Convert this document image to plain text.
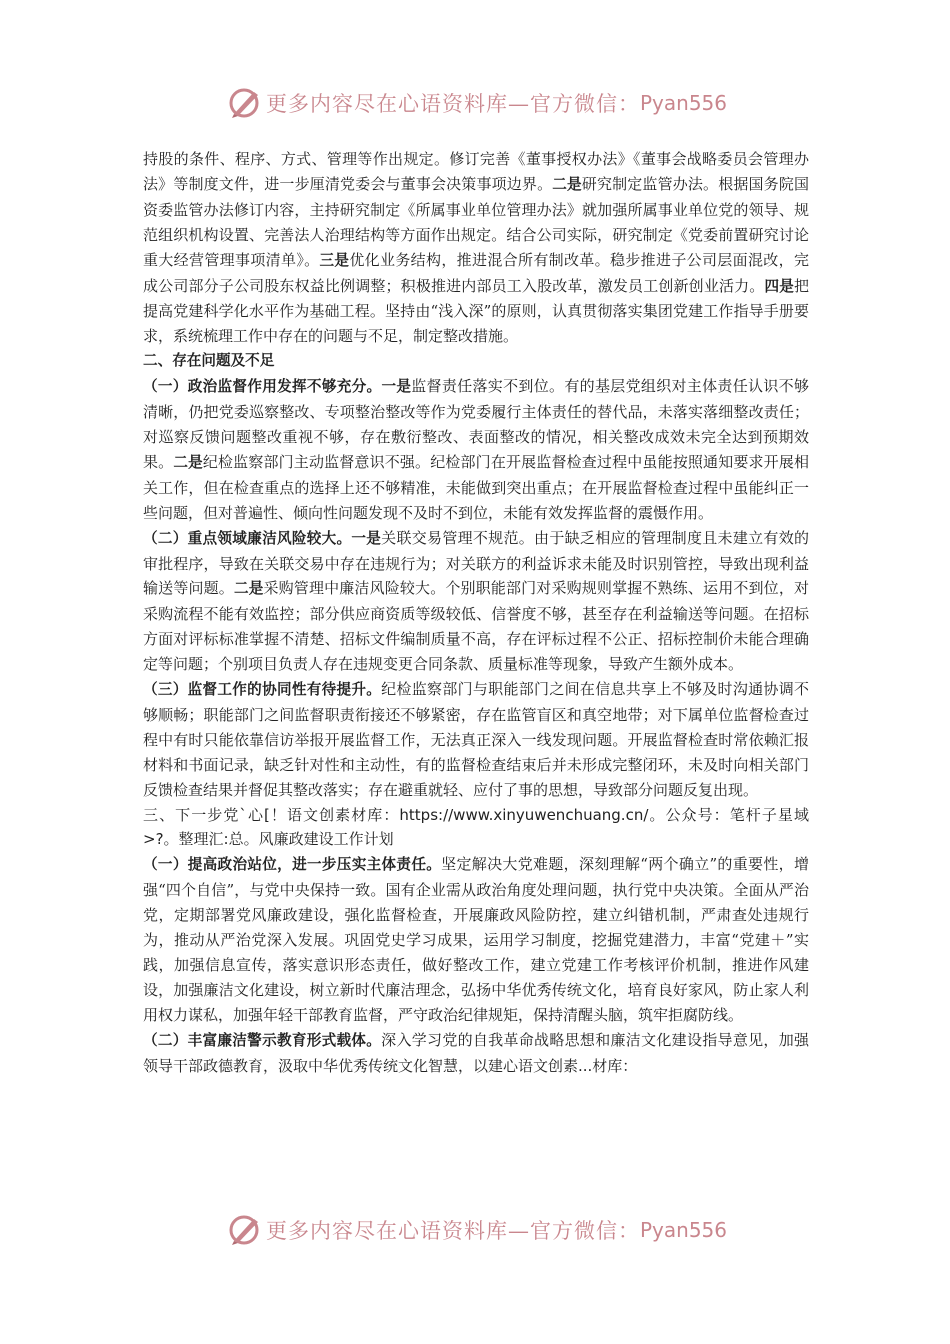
更多内容尽在心语资料库—官方微信： Pyan556

持股的条件、程序、方式、管理等作出规定。修订完善《董事授权办法》《董事会战略委员会管理办法》等制度文件，进一步厘清党委会与董事会决策事项边界。二是研究制定监管办法。根据国务院国资委监管办法修订内容，主持研究制定《所属事业单位管理办法》就加强所属事业单位党的领导、规范组织机构设置、完善法人治理结构等方面作出规定。结合公司实际，研究制定《党委前置研究讨论重大经营管理事项清单》。三是优化业务结构，推进混合所有制改革。稳步推进子公司层面混改，完成公司部分子公司股东权益比例调整；积极推进内部员工入股改革，激发员工创新创业活力。四是把提高党建科学化水平作为基础工程。坚持由“浅入深”的原则，认真贯彻落实集团党建工作指导手册要求，系统梳理工作中存在的问题与不足，制定整改措施。

二、存在问题及不足

（一）政治监督作用发挥不够充分。一是监督责任落实不到位。有的基层党组织对主体责任认识不够清晰，仍把党委巡察整改、专项整治整改等作为党委履行主体责任的替代品，未落实落细整改责任；对巡察反馈问题整改重视不够，存在敷衍整改、表面整改的情况，相关整改成效未完全达到预期效果。二是纪检监察部门主动监督意识不强。纪检部门在开展监督检查过程中虽能按照通知要求开展相关工作，但在检查重点的选择上还不够精准，未能做到突出重点；在开展监督检查过程中虽能纠正一些问题，但对普遍性、倾向性问题发现不及时不到位，未能有效发挥监督的震慑作用。

（二）重点领域廉洁风险较大。一是关联交易管理不规范。由于缺乏相应的管理制度且未建立有效的审批程序，导致在关联交易中存在违规行为；对关联方的利益诉求未能及时识别管控，导致出现利益输送等问题。二是采购管理中廉洁风险较大。个别职能部门对采购规则掌握不熟练、运用不到位，对采购流程不能有效监控；部分供应商资质等级较低、信誉度不够，甚至存在利益输送等问题。在招标方面对评标标准掌握不清楚、招标文件编制质量不高，存在评标过程不公正、招标控制价未能合理确定等问题；个别项目负责人存在违规变更合同条款、质量标准等现象，导致产生额外成本。

（三）监督工作的协同性有待提升。纪检监察部门与职能部门之间在信息共享上不够及时沟通协调不够顺畅；职能部门之间监督职责衔接还不够紧密，存在监管盲区和真空地带；对下属单位监督检查过程中有时只能依靠信访举报开展监督工作，无法真正深入一线发现问题。开展监督检查时常依赖汇报材料和书面记录，缺乏针对性和主动性，有的监督检查结束后并未形成完整闭环，未及时向相关部门反馈检查结果并督促其整改落实；存在避重就轻、应付了事的思想，导致部分问题反复出现。

三、下一步党`心[！语文创素材库：https://www.xinyuwenchuang.cn/。公众号：笔杆子星域>?。整理汇:总。风廉政建设工作计划

（一）提高政治站位，进一步压实主体责任。坚定解决大党难题，深刻理解“两个确立”的重要性，增强“四个自信”，与党中央保持一致。国有企业需从政治角度处理问题，执行党中央决策。全面从严治党，定期部署党风廉政建设，强化监督检查，开展廉政风险防控，建立纠错机制，严肃查处违规行为，推动从严治党深入发展。巩固党史学习成果，运用学习制度，挖掘党建潜力，丰富“党建＋”实践，加强信息宣传，落实意识形态责任，做好整改工作，建立党建工作考核评价机制，推进作风建设，加强廉洁文化建设，树立新时代廉洁理念，弘扬中华优秀传统文化，培育良好家风，防止家人利用权力谋私，加强年轻干部教育监督，严守政治纪律规矩，保持清醒头脑，筑牢拒腐防线。

（二）丰富廉洁警示教育形式载体。深入学习党的自我革命战略思想和廉洁文化建设指导意见，加强领导干部政德教育，汲取中华优秀传统文化智慧，以建心语文创素...材库：

更多内容尽在心语资料库—官方微信： Pyan556
